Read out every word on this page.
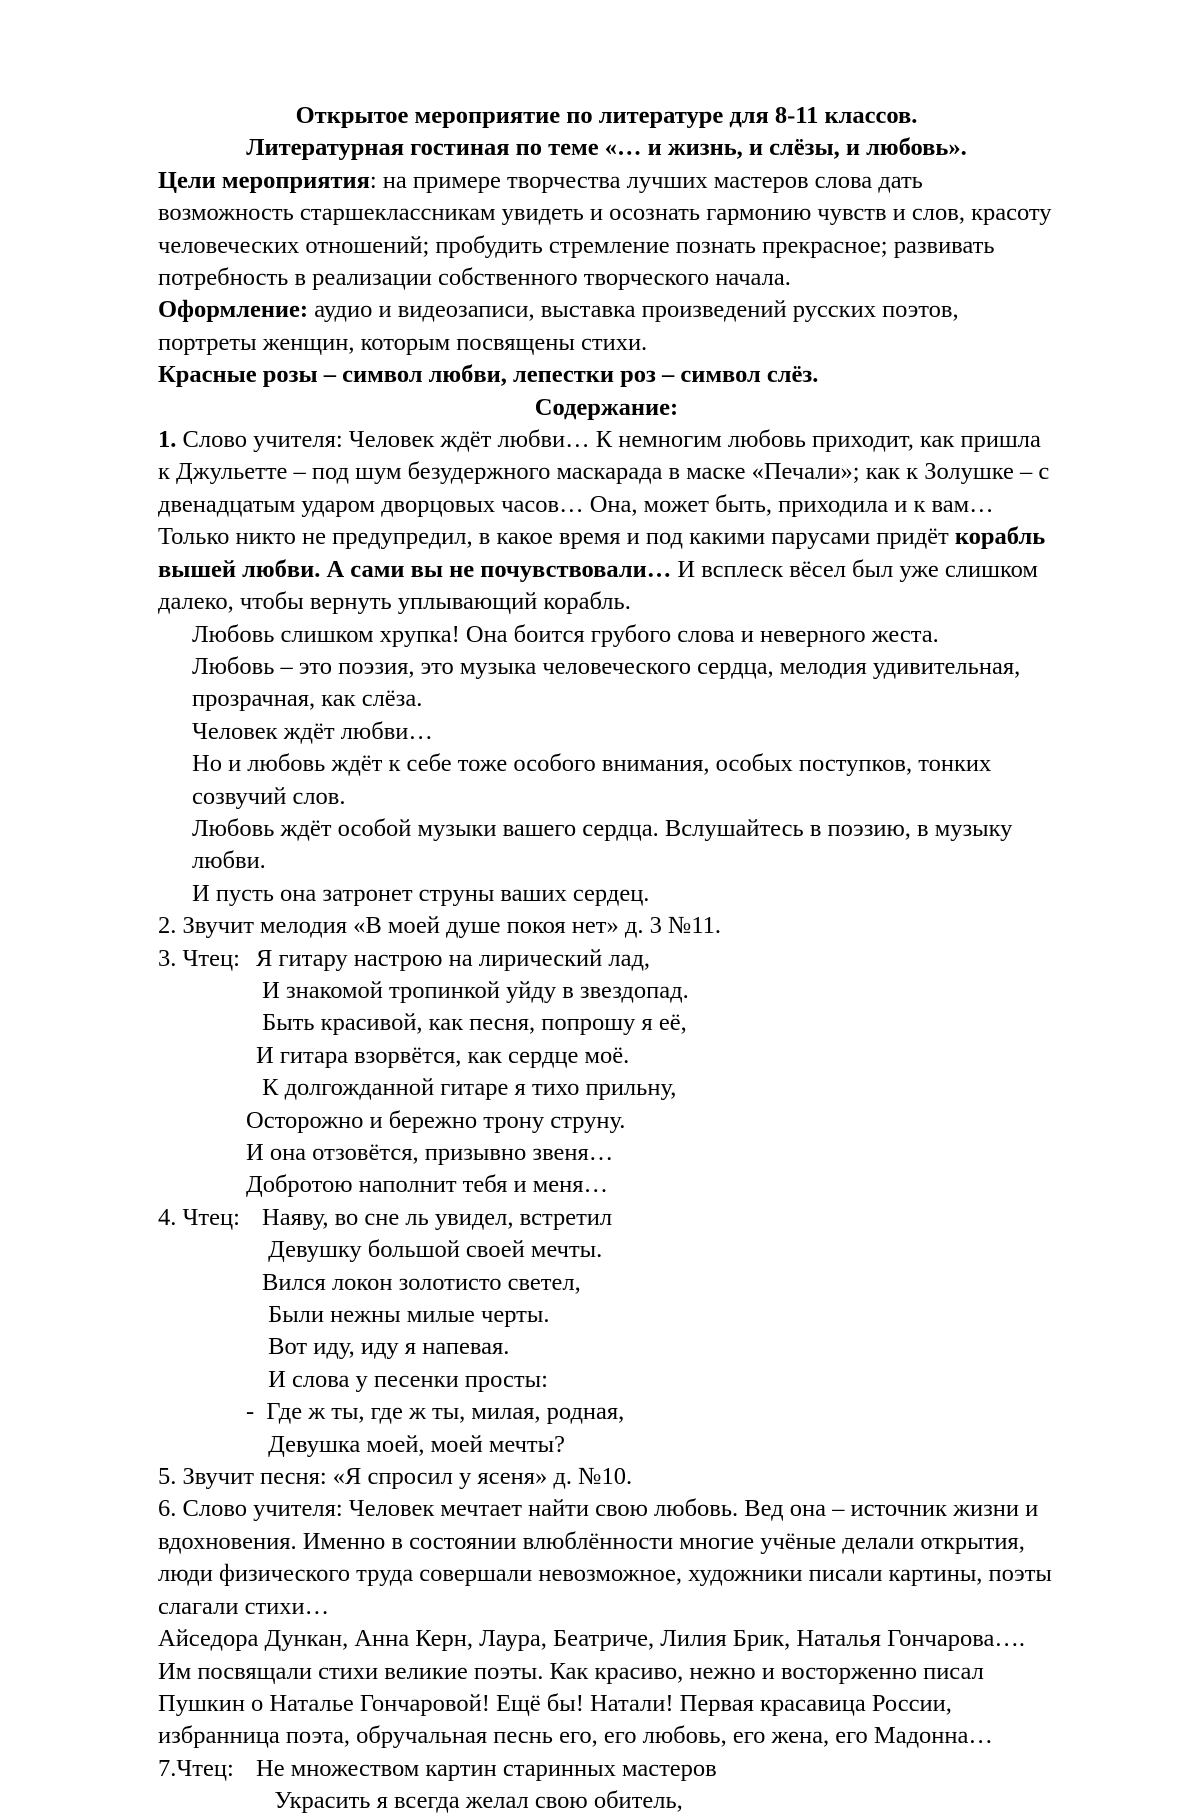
Открытое мероприятие по литературе для 8-11 классов.
Литературная гостиная по теме «… и жизнь, и слёзы, и любовь».

Цели мероприятия: на примере творчества лучших мастеров слова дать возможность старшеклассникам увидеть и осознать гармонию чувств и слов, красоту человеческих отношений; пробудить стремление познать прекрасное; развивать потребность в реализации собственного творческого начала.

Оформление: аудио и видеозаписи, выставка произведений русских поэтов, портреты женщин, которым посвящены стихи.

Красные розы – символ любви, лепестки роз – символ слёз.

Содержание:

1. Слово учителя: Человек ждёт любви… К немногим любовь приходит, как пришла к Джульетте – под шум безудержного маскарада в маске «Печали»; как к Золушке – с двенадцатым ударом дворцовых часов… Она, может быть, приходила и к вам… Только никто не предупредил, в какое время и под какими парусами придёт корабль вышей любви. А сами вы не почувствовали… И всплеск вёсел был уже слишком далеко, чтобы вернуть уплывающий корабль.

Любовь слишком хрупка! Она боится грубого слова и неверного жеста.

Любовь – это поэзия, это музыка человеческого сердца, мелодия удивительная, прозрачная, как слёза.

Человек ждёт любви…

Но и любовь ждёт к себе тоже особого внимания, особых поступков, тонких созвучий слов.

Любовь ждёт особой музыки вашего сердца. Вслушайтесь в поэзию, в музыку любви.

И пусть она затронет струны ваших сердец.

2. Звучит мелодия «В моей душе покоя нет» д. 3 №11.

3. Чтец: Я гитару настрою на лирический лад,
И знакомой тропинкой уйду в звездопад.
Быть красивой, как песня, попрошу я её,
И гитара взорвётся, как сердце моё.
К долгожданной гитаре я тихо прильну,
Осторожно и бережно трону струну.
И она отзовётся, призывно звеня…
Добротою наполнит тебя и меня…
4. Чтец: Наяву, во сне ль увидел, встретил
Девушку большой своей мечты.
Вился локон золотисто светел,
Были нежны милые черты.
Вот иду, иду я напевая.
И слова у песенки просты:
-  Где ж ты, где ж ты, милая, родная,
Девушка моей, моей мечты?

5. Звучит песня: «Я спросил у ясеня» д. №10.

6. Слово учителя: Человек мечтает найти свою любовь. Вед она – источник жизни и вдохновения. Именно в состоянии влюблённости многие учёные делали открытия, люди физического труда совершали невозможное, художники писали картины, поэты слагали стихи…

Айседора Дункан, Анна Керн, Лаура, Беатриче, Лилия Брик, Наталья Гончарова…. Им посвящали стихи великие поэты. Как красиво, нежно и восторженно писал Пушкин о Наталье Гончаровой! Ещё бы! Натали! Первая красавица России, избранница поэта, обручальная песнь его, его любовь, его жена, его Мадонна…

7.Чтец: Не множеством картин старинных мастеров
Украсить я всегда желал свою обитель,
